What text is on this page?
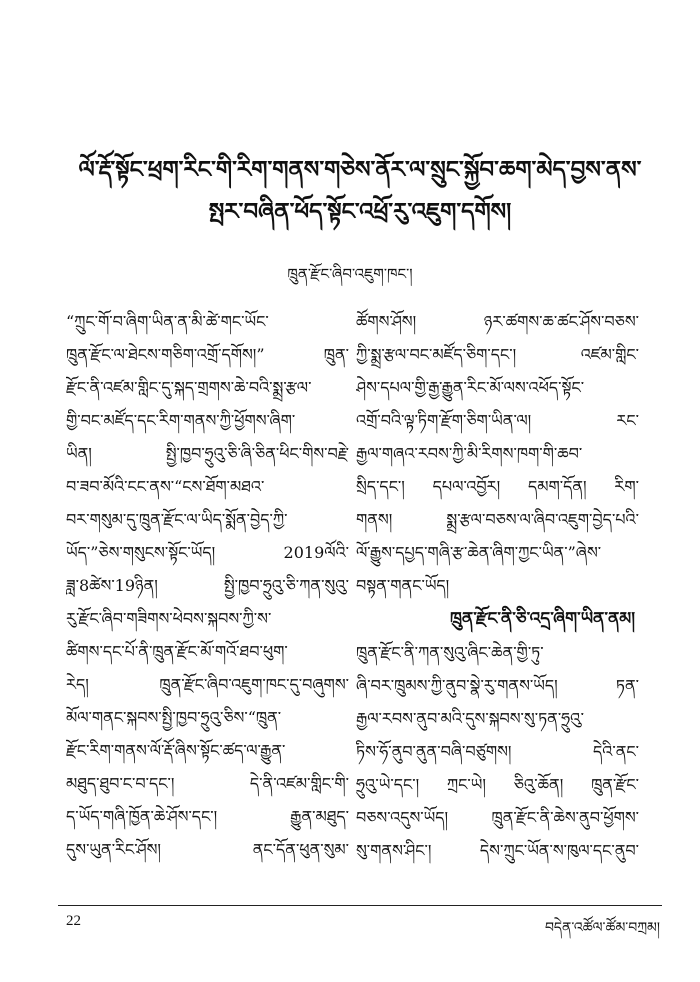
ལོ་རྡོ་སྟོང་ཕྲག་རིང་གི་རིག་གནས་གཅེས་ནོར་ལ་སྲུང་སྐྱོབ་ཆག་མེད་བྱས་ནས་
སྤར་བཞིན་ཕོད་སྟོང་འཕྲོ་རུ་འཇུག་དགོས།
ཁྲུན་རྫོང་ཞིབ་འཇུག་ཁང་།
“ཀྲུང་གོ་བ་ཞིག་ཡིན་ན་མི་ཚེ་གང་ཡོང་
ཁྲུན་རྫོང་ལ་ཐེངས་གཅིག་འགྲོ་དགོས།” ཁྲུན་
རྫོང་ནི་འཛམ་གླིང་དུ་སྐད་གྲགས་ཆེ་བའི་སྨྲ་རྩལ་
གྱི་བང་མཛོད་དང་རིག་གནས་ཀྱི་ཕྱོགས་ཞིག་
ཡིན། སྤྱི་ཁྱབ་ཧྲུའུ་ཅི་ཞི་ཅིན་ཕིང་གིས་བརྗེ་
བ་ཟབ་མོའི་ངང་ནས་“ངས་ཐོག་མཐའ་
བར་གསུམ་དུ་ཁྲུན་རྫོང་ལ་ཡིད་སྨོན་བྱེད་ཀྱི་
ཡོད་”ཅེས་གསུངས་སྟོང་ཡོད། 2019ལོའི་
ཟླ་8ཚེས་19ཉིན། སྤྱི་ཁྱབ་ཧྲུའུ་ཅི་ཀན་སུའུ་
རུ་རྫོང་ཞིབ་གཟིགས་ཕེབས་སྐབས་ཀྱི་ས་
ཚིགས་དང་པོ་ནི་ཁྲུན་རྫོང་མོ་གའོ་ཐབ་ཕུག་
རེད། ཁྲུན་རྫོང་ཞིབ་འཇུག་ཁང་དུ་བཞུགས་
མོལ་གནང་སྐབས་སྤྱི་ཁྱབ་ཧྲུའུ་ཅིས་“ཁྲུན་
རྫོང་རིག་གནས་ལོ་རྡོ་ཞིས་སྟོང་ཚད་ལ་རྒྱུན་
མཐུད་ཐུབ་ང་བ་དང་། དེ་ནི་འཛམ་གླིང་གི་
ད་ཡོད་གཞི་ཁྱོན་ཆེ་ཤོས་དང་། རྒྱུན་མཐུད་
དུས་ཡུན་རིང་ཤོས། ནང་དོན་ཕུན་སུམ་
ཚོགས་ཤོས། ཉར་ཚགས་ཆ་ཚང་ཤོས་བཅས་
ཀྱི་སྨྲ་རྩལ་བང་མཛོད་ཅིག་དང་། འཛམ་གླིང་
ཤེས་དཔལ་གྱི་རྒྱ་རྒྱུན་རིང་མོ་ལས་འཕོད་སྟོང་
འགྲོ་བའི་ལྟ་ཏིག་རྫོག་ཅིག་ཡིན་ལ། རང་
རྒྱལ་གཞའ་རབས་ཀྱི་མི་རིགས་ཁག་གི་ཆབ་
སྲིད་དང་། དཔལ་འབྱོར། དམག་དོན། རིག་
གནས། སྨྲ་རྩལ་བཅས་ལ་ཞིབ་འཇུག་བྱེད་པའི་
ལོ་རྒྱུས་དཔྱད་གཞི་རྩ་ཆེན་ཞིག་ཀྱང་ཡིན་”ཞེས་
བསྟན་གནང་ཡོད།
ཁྲུན་རྫོང་ནི་ཅི་འདྲ་ཞིག་ཡིན་ནམ།
ཁྲུན་རྫོང་ནི་ཀན་སུའུ་ཞིང་ཆེན་གྱི་ཏུ་
ཞི་བར་ཁྲུམས་ཀྱི་ནུབ་སྣེ་རུ་གནས་ཡོད། ཏན་
རྒྱལ་རབས་ནུབ་མའི་དུས་སྐབས་སུ་ཏན་ཧྲུའུ་
ཏིས་ཧོ་ནུབ་ནུན་བཞི་བཙུགས། དེའི་ནང་
ཧྲུའུ་ཡེ་དང་། ཀྲང་ཡེ། ཅིའུ་ཆོན། ཁྲུན་རྫོང་
བཅས་འདུས་ཡོད། ཁྲུན་རྫོང་ནི་ཆེས་ནུབ་ཕྱོགས་
སུ་གནས་ཤིང་། དེས་ཀྲུང་ཡོན་ས་ཁུལ་དང་ནུབ་
22	བདེན་འཚོལ་ཚོམ་བཀྲམ།
